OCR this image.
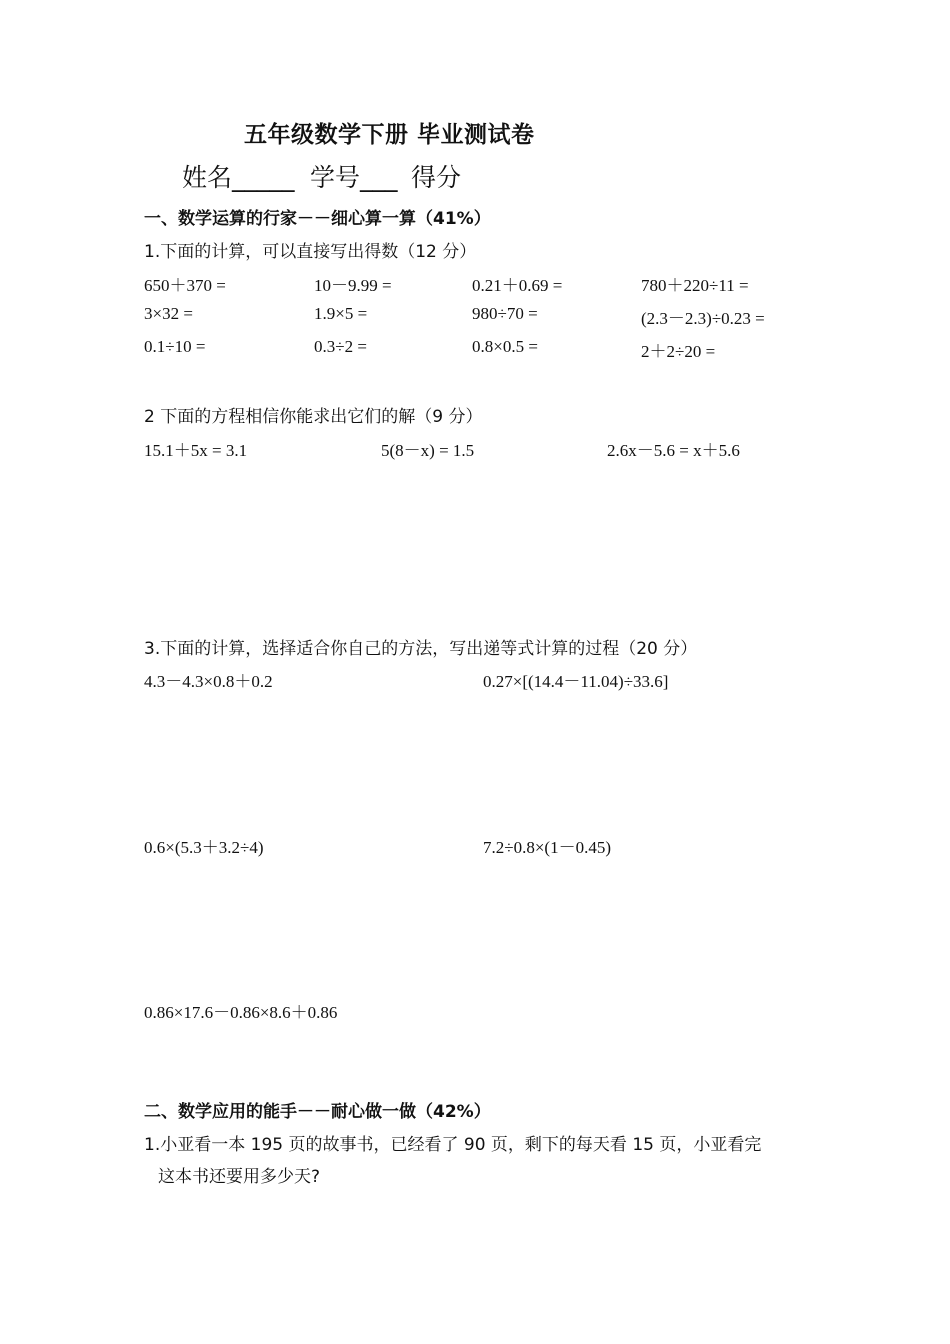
五年级数学下册 毕业测试卷
姓名_____ 学号___ 得分
一、数学运算的行家－－细心算一算（41%）
1.下面的计算，可以直接写出得数（12 分）
650＋370 =	10－9.99 =	0.21＋0.69 =	780＋220÷11 =
3×32 =	1.9×5 =	980÷70 =	(2.3－2.3)÷0.23 =
0.1÷10 =	0.3÷2 =	0.8×0.5 =	2＋2÷20 =
2 下面的方程相信你能求出它们的解（9 分）
15.1＋5x = 3.1	5(8－x) = 1.5	2.6x－5.6 = x＋5.6
3.下面的计算，选择适合你自己的方法，写出递等式计算的过程（20 分）
4.3－4.3×0.8＋0.2	0.27×[(14.4－11.04)÷33.6]
0.6×(5.3＋3.2÷4)	7.2÷0.8×(1－0.45)
0.86×17.6－0.86×8.6＋0.86
二、数学应用的能手－－耐心做一做（42%）
1.小亚看一本 195 页的故事书，已经看了 90 页，剩下的每天看 15 页，小亚看完
这本书还要用多少天?
